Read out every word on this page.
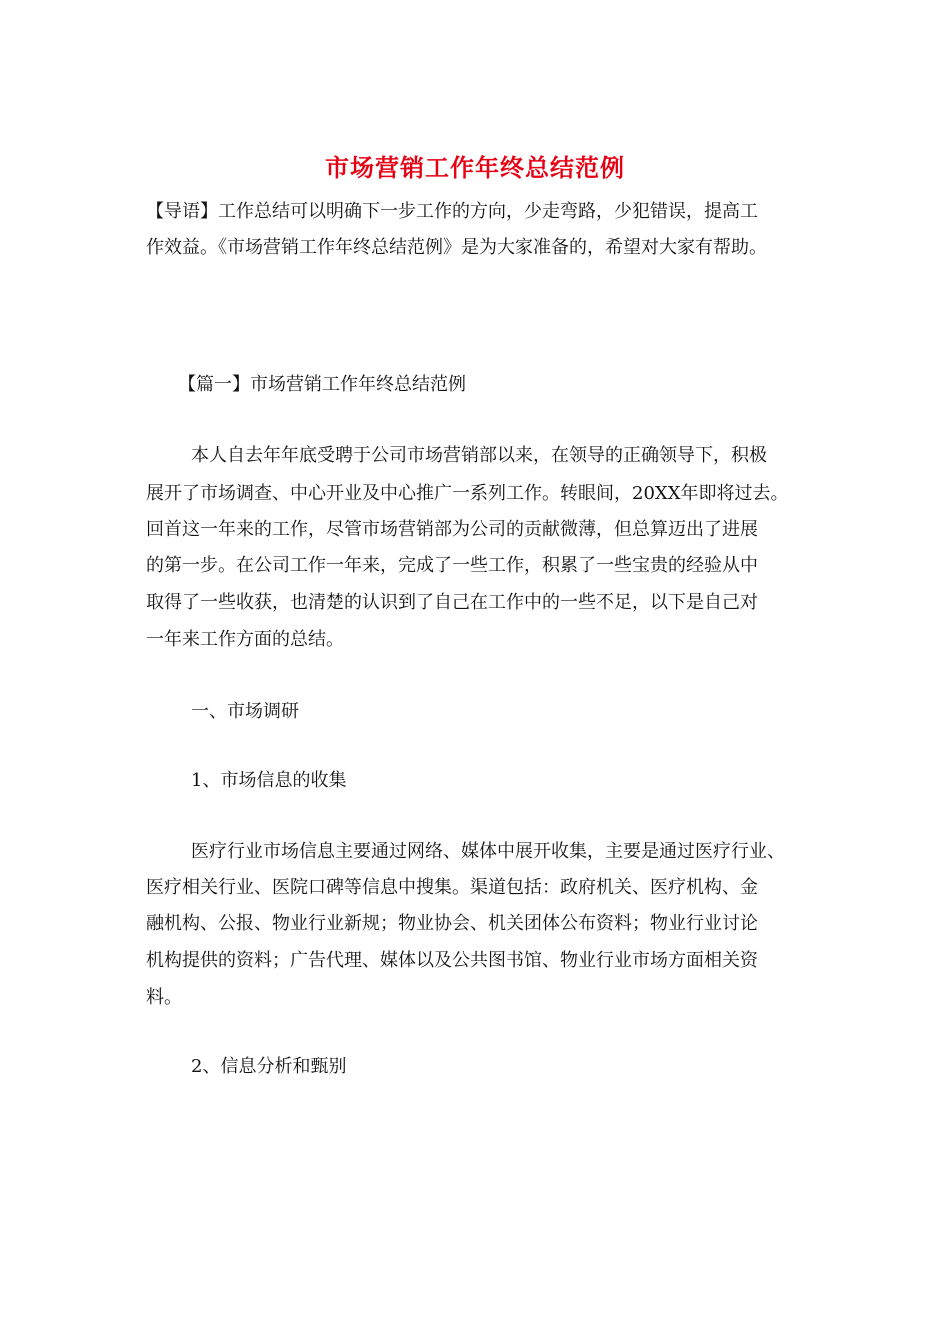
市场营销工作年终总结范例
【导语】工作总结可以明确下一步工作的方向，少走弯路，少犯错误，提高工
作效益。《市场营销工作年终总结范例》是为大家准备的，希望对大家有帮助。
【篇一】市场营销工作年终总结范例
本人自去年年底受聘于公司市场营销部以来，在领导的正确领导下，积极
展开了市场调查、中心开业及中心推广一系列工作。转眼间，20XX年即将过去。
回首这一年来的工作，尽管市场营销部为公司的贡献微薄，但总算迈出了进展
的第一步。在公司工作一年来，完成了一些工作，积累了一些宝贵的经验从中
取得了一些收获，也清楚的认识到了自己在工作中的一些不足，以下是自己对
一年来工作方面的总结。
一、市场调研
1、市场信息的收集
医疗行业市场信息主要通过网络、媒体中展开收集，主要是通过医疗行业、
医疗相关行业、医院口碑等信息中搜集。渠道包括：政府机关、医疗机构、金
融机构、公报、物业行业新规；物业协会、机关团体公布资料；物业行业讨论
机构提供的资料；广告代理、媒体以及公共图书馆、物业行业市场方面相关资
料。
2、信息分析和甄别
